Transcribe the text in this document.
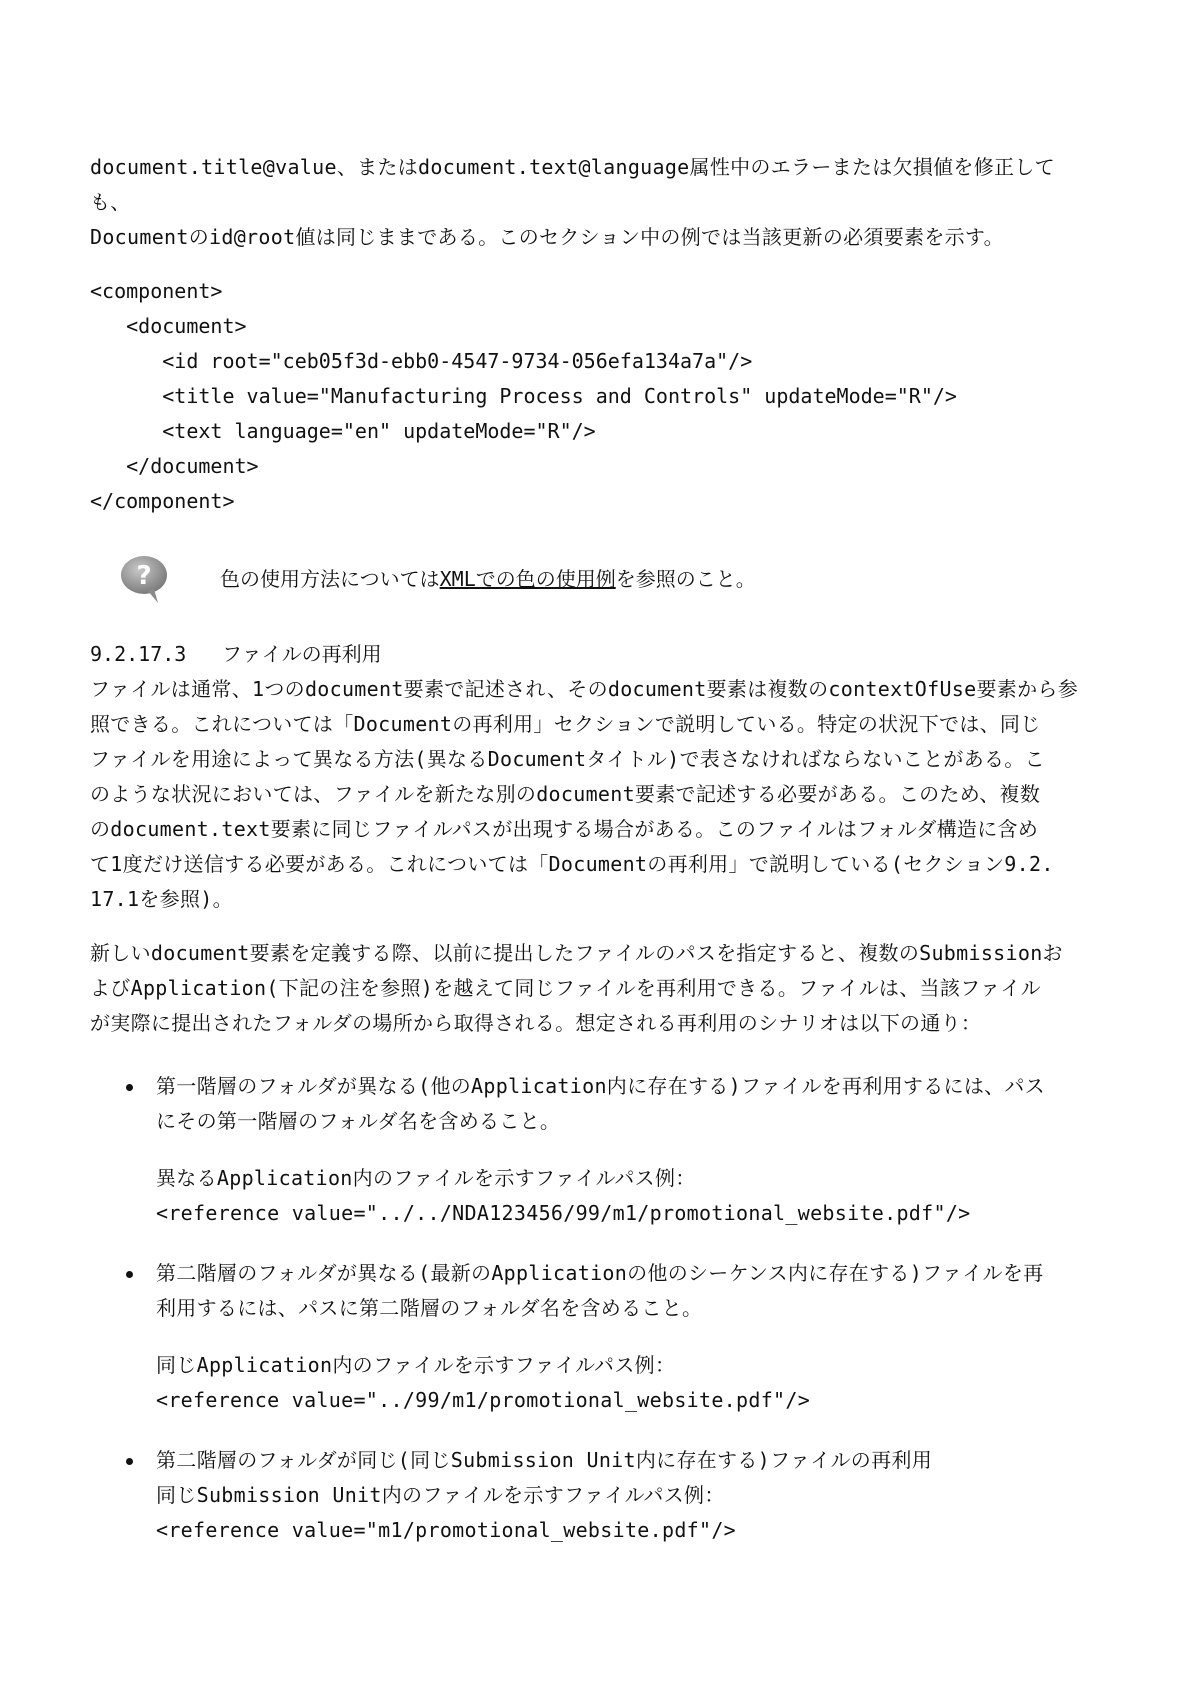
document.title@value、またはdocument.text@language属性中のエラーまたは欠損値を修正しても、

Documentのid@root値は同じままである。このセクション中の例では当該更新の必須要素を示す。

<component>
<document>
<id root="ceb05f3d-ebb0-4547-9734-056efa134a7a"/>
<title value="Manufacturing Process and Controls" updateMode="R"/>
<text language="en" updateMode="R"/>
</document>
</component>
?	色の使用方法についてはXMLでの色の使用例を参照のこと。
9.2.17.3	ファイルの再利用

ファイルは通常、1つのdocument要素で記述され、そのdocument要素は複数のcontextOfUse要素から参

照できる。これについては「Documentの再利用」セクションで説明している。特定の状況下では、同じ

ファイルを用途によって異なる方法(異なるDocumentタイトル)で表さなければならないことがある。こ

のような状況においては、ファイルを新たな別のdocument要素で記述する必要がある。このため、複数

のdocument.text要素に同じファイルパスが出現する場合がある。このファイルはフォルダ構造に含め

て1度だけ送信する必要がある。これについては「Documentの再利用」で説明している(セクション9.2.

17.1を参照)。

新しいdocument要素を定義する際、以前に提出したファイルのパスを指定すると、複数のSubmissionお

よびApplication(下記の注を参照)を越えて同じファイルを再利用できる。ファイルは、当該ファイル

が実際に提出されたフォルダの場所から取得される。想定される再利用のシナリオは以下の通り：

第一階層のフォルダが異なる(他のApplication内に存在する)ファイルを再利用するには、パス

にその第一階層のフォルダ名を含めること。

異なるApplication内のファイルを示すファイルパス例：

<reference value="../../NDA123456/99/m1/promotional_website.pdf"/>

第二階層のフォルダが異なる(最新のApplicationの他のシーケンス内に存在する)ファイルを再

利用するには、パスに第二階層のフォルダ名を含めること。

同じApplication内のファイルを示すファイルパス例：

<reference value="../99/m1/promotional_website.pdf"/>

第二階層のフォルダが同じ(同じSubmission Unit内に存在する)ファイルの再利用

同じSubmission Unit内のファイルを示すファイルパス例：

<reference value="m1/promotional_website.pdf"/>
